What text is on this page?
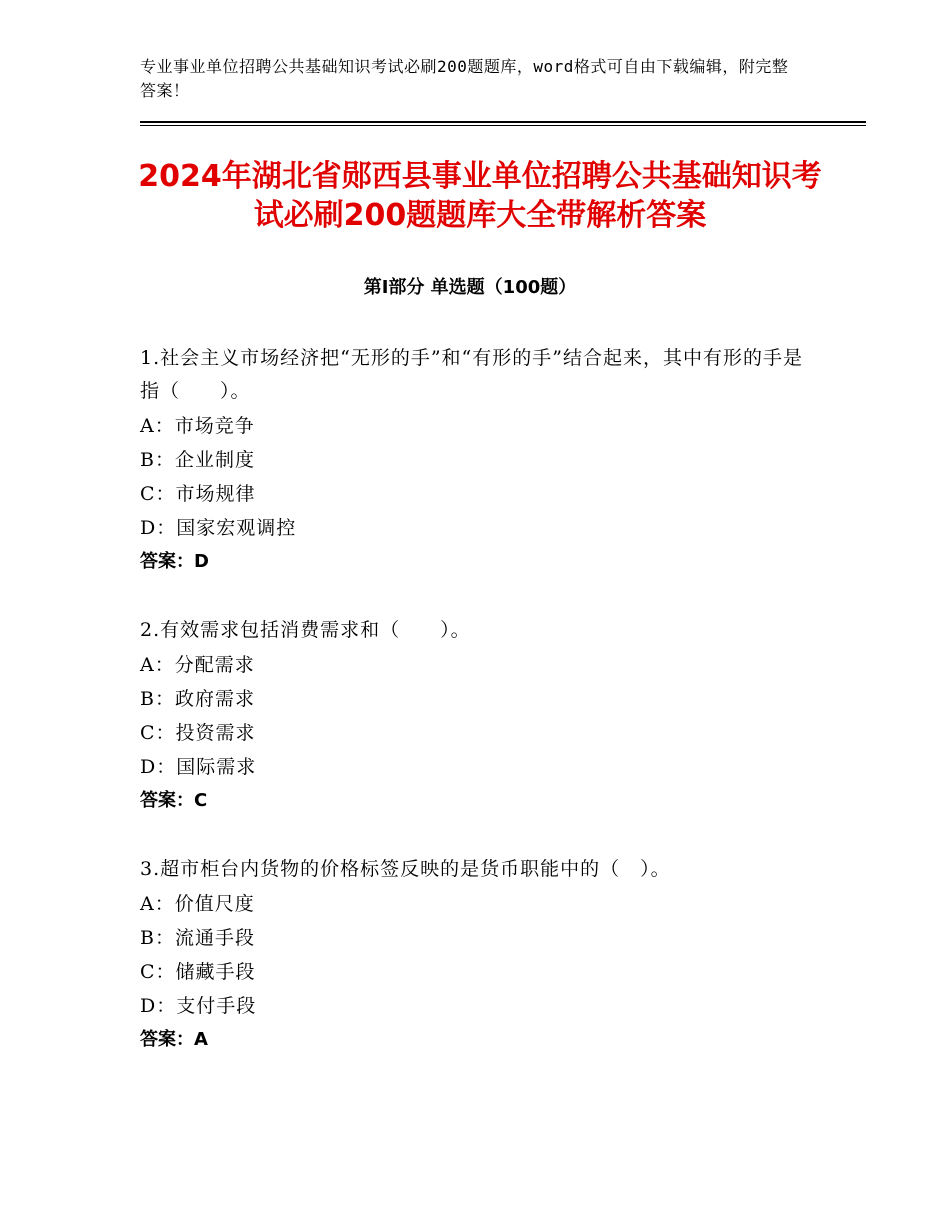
专业事业单位招聘公共基础知识考试必刷200题题库，word格式可自由下载编辑，附完整答案！
2024年湖北省郧西县事业单位招聘公共基础知识考试必刷200题题库大全带解析答案
第Ⅰ部分 单选题（100题）
1.社会主义市场经济把“无形的手”和“有形的手”结合起来，其中有形的手是指（　　）。
A：市场竞争
B：企业制度
C：市场规律
D：国家宏观调控
答案：D
2.有效需求包括消费需求和（　　）。
A：分配需求
B：政府需求
C：投资需求
D：国际需求
答案：C
3.超市柜台内货物的价格标签反映的是货币职能中的（　）。
A：价值尺度
B：流通手段
C：储藏手段
D：支付手段
答案：A
